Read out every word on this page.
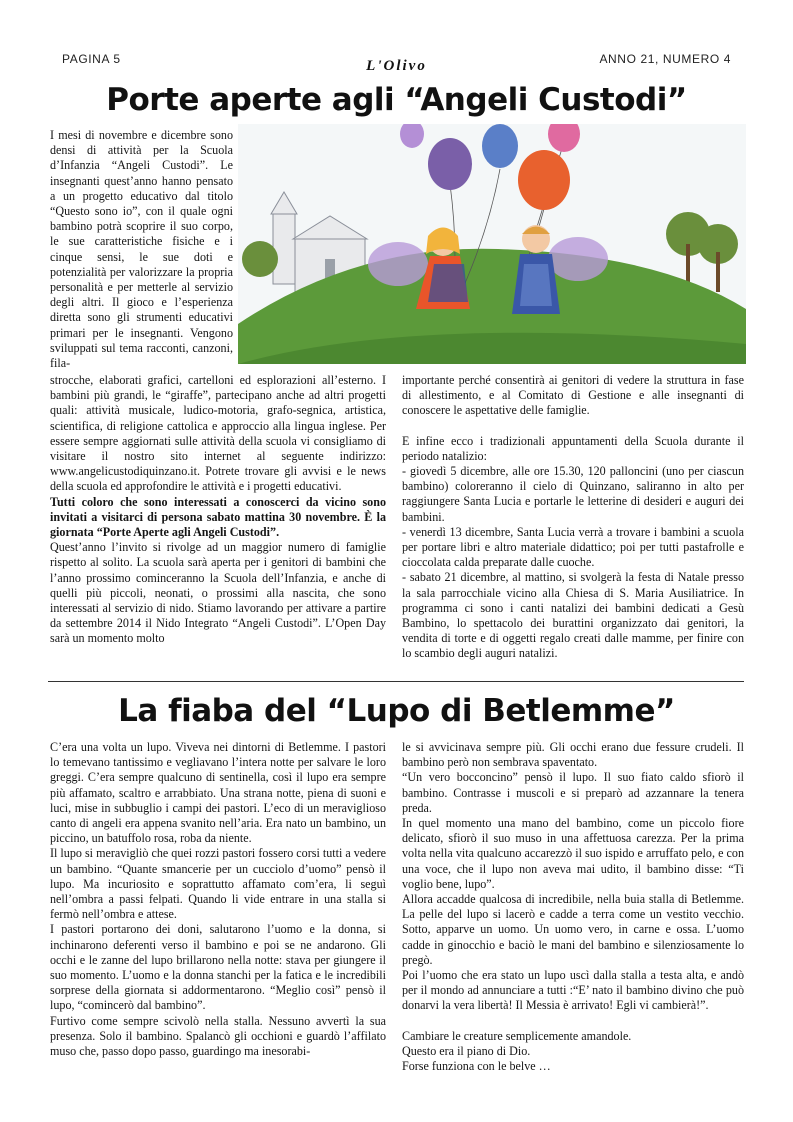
PAGINA 5	L'Olivo	ANNO 21, NUMERO 4
Porte aperte agli “Angeli Custodi”

I mesi di novembre e dicembre sono densi di attività per la Scuola d’Infanzia “Angeli Custodi”. Le insegnanti quest’anno hanno pensato a un progetto educativo dal titolo “Questo sono io”, con il quale ogni bambino potrà scoprire il suo corpo, le sue caratteristiche fisiche e i cinque sensi, le sue doti e potenzialità per valorizzare la propria personalità e per metterle al servizio degli altri. Il gioco e l’esperienza diretta sono gli strumenti educativi primari per le insegnanti. Vengono sviluppati sul tema racconti, canzoni, fila-

strocche, elaborati grafici, cartelloni ed esplorazioni all’esterno. I bambini più grandi, le “giraffe”, partecipano anche ad altri progetti quali: attività musicale, ludico-motoria, grafo-segnica, artistica, scientifica, di religione cattolica e approccio alla lingua inglese. Per essere sempre aggiornati sulle attività della scuola vi consigliamo di visitare il nostro sito internet al seguente indirizzo: www.angelicustodiquinzano.it. Potrete trovare gli avvisi e le news della scuola ed approfondire le attività e i progetti educativi.

Tutti coloro che sono interessati a conoscerci da vicino sono invitati a visitarci di persona sabato mattina 30 novembre. È la giornata “Porte Aperte agli Angeli Custodi”.

Quest’anno l’invito si rivolge ad un maggior numero di famiglie rispetto al solito. La scuola sarà aperta per i genitori di bambini che l’anno prossimo cominceranno la Scuola dell’Infanzia, e anche di quelli più piccoli, neonati, o prossimi alla nascita, che sono interessati al servizio di nido. Stiamo lavorando per attivare a partire da settembre 2014 il Nido Integrato “Angeli Custodi”. L’Open Day sarà un momento molto

importante perché consentirà ai genitori di vedere la struttura in fase di allestimento, e al Comitato di Gestione e alle insegnanti di conoscere le aspettative delle famiglie.

E infine ecco i tradizionali appuntamenti della Scuola durante il periodo natalizio:

- giovedì 5 dicembre, alle ore 15.30, 120 palloncini (uno per ciascun bambino) coloreranno il cielo di Quinzano, saliranno in alto per raggiungere Santa Lucia e portarle le letterine di desideri e auguri dei bambini.

- venerdì 13 dicembre, Santa Lucia verrà a trovare i bambini a scuola per portare libri e altro materiale didattico; poi per tutti pastafrolle e cioccolata calda preparate dalle cuoche.

- sabato 21 dicembre, al mattino, si svolgerà la festa di Natale presso la sala parrocchiale vicino alla Chiesa di S. Maria Ausiliatrice. In programma ci sono i canti natalizi dei bambini dedicati a Gesù Bambino, lo spettacolo dei burattini organizzato dai genitori, la vendita di torte e di oggetti regalo creati dalle mamme, per finire con lo scambio degli auguri natalizi.

La fiaba del “Lupo di Betlemme”

C’era una volta un lupo. Viveva nei dintorni di Betlemme. I pastori lo temevano tantissimo e vegliavano l’intera notte per salvare le loro greggi. C’era sempre qualcuno di sentinella, così il lupo era sempre più affamato, scaltro e arrabbiato. Una strana notte, piena di suoni e luci, mise in subbuglio i campi dei pastori. L’eco di un meraviglioso canto di angeli era appena svanito nell’aria. Era nato un bambino, un piccino, un batuffolo rosa, roba da niente.

Il lupo si meravigliò che quei rozzi pastori fossero corsi tutti a vedere un bambino. “Quante smancerie per un cucciolo d’uomo” pensò il lupo. Ma incuriosito e soprattutto affamato com’era, li seguì nell’ombra a passi felpati. Quando li vide entrare in una stalla si fermò nell’ombra e attese.

I pastori portarono dei doni, salutarono l’uomo e la donna, si inchinarono deferenti verso il bambino e poi se ne andarono. Gli occhi e le zanne del lupo brillarono nella notte: stava per giungere il suo momento. L’uomo e la donna stanchi per la fatica e le incredibili sorprese della giornata si addormentarono. “Meglio così” pensò il lupo, “comincerò dal bambino”.

Furtivo come sempre scivolò nella stalla. Nessuno avvertì la sua presenza. Solo il bambino. Spalancò gli occhioni e guardò l’affilato muso che, passo dopo passo, guardingo ma inesorabi-

le si avvicinava sempre più. Gli occhi erano due fessure crudeli. Il bambino però non sembrava spaventato.

“Un vero bocconcino” pensò il lupo. Il suo fiato caldo sfiorò il bambino. Contrasse i muscoli e si preparò ad azzannare la tenera preda.

In quel momento una mano del bambino, come un piccolo fiore delicato, sfiorò il suo muso in una affettuosa carezza. Per la prima volta nella vita qualcuno accarezzò il suo ispido e arruffato pelo, e con una voce, che il lupo non aveva mai udito, il bambino disse: “Ti voglio bene, lupo”.

Allora accadde qualcosa di incredibile, nella buia stalla di Betlemme. La pelle del lupo si lacerò e cadde a terra come un vestito vecchio. Sotto, apparve un uomo. Un uomo vero, in carne e ossa. L’uomo cadde in ginocchio e baciò le mani del bambino e silenziosamente lo pregò.

Poi l’uomo che era stato un lupo uscì dalla stalla a testa alta, e andò per il mondo ad annunciare a tutti :“E’ nato il bambino divino che può donarvi la vera libertà! Il Messia è arrivato! Egli vi cambierà!”.

Cambiare le creature semplicemente amandole.

Questo era il piano di Dio.

Forse funziona con le belve …
